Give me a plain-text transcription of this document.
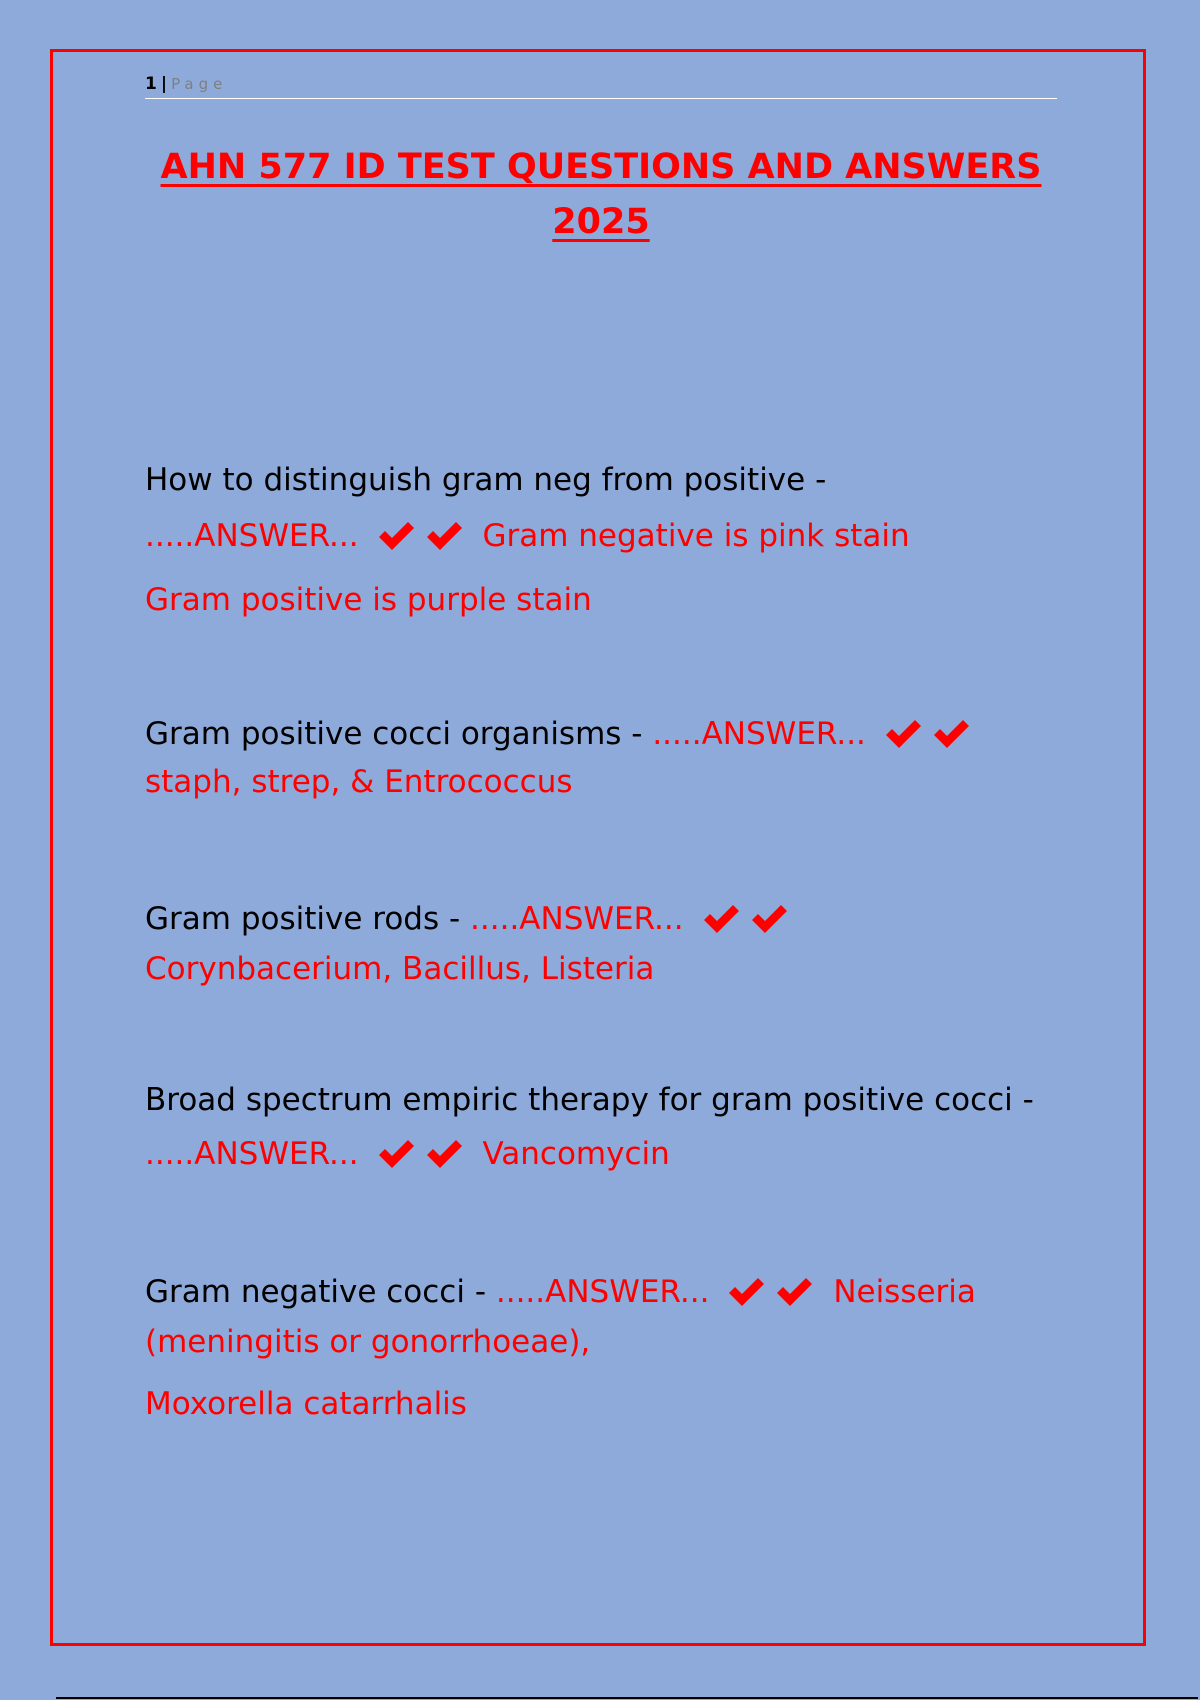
1 | Page
AHN 577 ID TEST QUESTIONS AND ANSWERS 2025
How to distinguish gram neg from positive -
.....ANSWER...	Gram negative is pink stain
Gram positive is purple stain
Gram positive cocci organisms - .....ANSWER...

staph, strep, & Entrococcus
Gram positive rods - .....ANSWER...

Corynbacerium, Bacillus, Listeria
Broad spectrum empiric therapy for gram positive cocci - .....ANSWER...	Vancomycin
Gram negative cocci - .....ANSWER...	Neisseria (meningitis or gonorrhoeae),
Moxorella catarrhalis
